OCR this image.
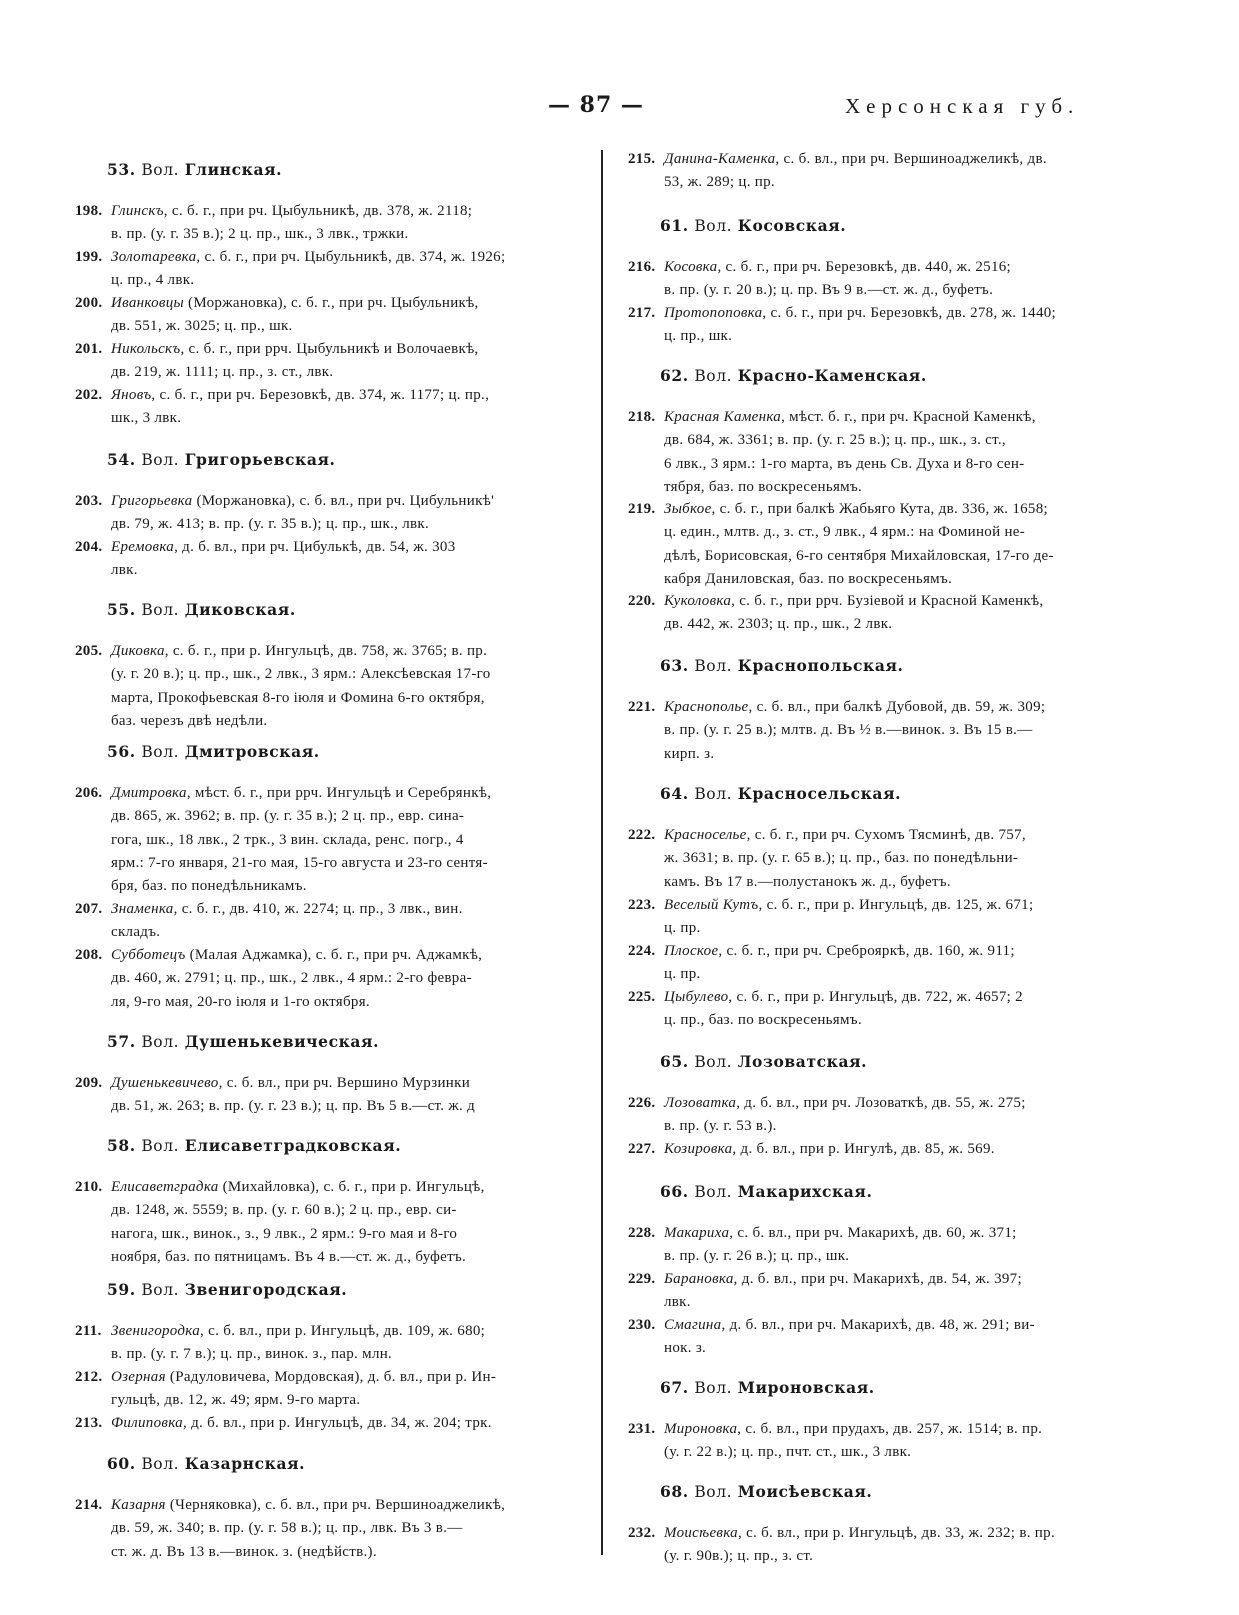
— 87 —	Херсонская губ.
53. Вол. Глинская.
198. Глинскъ, с. б. г., при рч. Цыбульникѣ, дв. 378, ж. 2118;
в. пр. (у. г. 35 в.); 2 ц. пр., шк., 3 лвк., тржки.
199. Золотаревка, с. б. г., при рч. Цыбульникѣ, дв. 374, ж. 1926;
ц. пр., 4 лвк.
200. Иванковцы (Моржановка), с. б. г., при рч. Цыбульникѣ,
дв. 551, ж. 3025; ц. пр., шк.
201. Никольскъ, с. б. г., при ррч. Цыбульникѣ и Волочаевкѣ,
дв. 219, ж. 1111; ц. пр., з. ст., лвк.
202. Яновъ, с. б. г., при рч. Березовкѣ, дв. 374, ж. 1177; ц. пр.,
шк., 3 лвк.
54. Вол. Григорьевская.
203. Григорьевка (Моржановка), с. б. вл., при рч. Цибульникѣ'
дв. 79, ж. 413; в. пр. (у. г. 35 в.); ц. пр., шк., лвк.
204. Еремовка, д. б. вл., при рч. Цибулькѣ, дв. 54, ж. 303
лвк.
55. Вол. Диковская.
205. Диковка, с. б. г., при р. Ингульцѣ, дв. 758, ж. 3765; в. пр.
(у. г. 20 в.); ц. пр., шк., 2 лвк., 3 ярм.: Алексѣевская 17-го
марта, Прокофьевская 8-го іюля и Фомина 6-го октября,
баз. черезъ двѣ недѣли.
56. Вол. Дмитровская.
206. Дмитровка, мѣст. б. г., при ррч. Ингульцѣ и Серебрянкѣ,
дв. 865, ж. 3962; в. пр. (у. г. 35 в.); 2 ц. пр., евр. сина-
гога, шк., 18 лвк., 2 трк., 3 вин. склада, ренс. погр., 4
ярм.: 7-го января, 21-го мая, 15-го августа и 23-го сентя-
бря, баз. по понедѣльникамъ.
207. Знаменка, с. б. г., дв. 410, ж. 2274; ц. пр., 3 лвк., вин.
складъ.
208. Субботецъ (Малая Аджамка), с. б. г., при рч. Аджамкѣ,
дв. 460, ж. 2791; ц. пр., шк., 2 лвк., 4 ярм.: 2-го февра-
ля, 9-го мая, 20-го іюля и 1-го октября.
57. Вол. Душенькевическая.
209. Душенькевичево, с. б. вл., при рч. Вершино Мурзинки
дв. 51, ж. 263; в. пр. (у. г. 23 в.); ц. пр. Въ 5 в.—ст. ж. д
58. Вол. Елисаветградковская.
210. Елисаветградка (Михайловка), с. б. г., при р. Ингульцѣ,
дв. 1248, ж. 5559; в. пр. (у. г. 60 в.); 2 ц. пр., евр. си-
нагога, шк., винок., з., 9 лвк., 2 ярм.: 9-го мая и 8-го
ноября, баз. по пятницамъ. Въ 4 в.—ст. ж. д., буфетъ.
59. Вол. Звенигородская.
211. Звенигородка, с. б. вл., при р. Ингульцѣ, дв. 109, ж. 680;
в. пр. (у. г. 7 в.); ц. пр., винок. з., пар. млн.
212. Озерная (Радуловичева, Мордовская), д. б. вл., при р. Ин-
гульцѣ, дв. 12, ж. 49; ярм. 9-го марта.
213. Филиповка, д. б. вл., при р. Ингульцѣ, дв. 34, ж. 204; трк.
60. Вол. Казарнская.
214. Казарня (Черняковка), с. б. вл., при рч. Вершиноаджеликѣ,
дв. 59, ж. 340; в. пр. (у. г. 58 в.); ц. пр., лвк. Въ 3 в.—
ст. ж. д. Въ 13 в.—винок. з. (недѣйств.).
215. Данина-Каменка, с. б. вл., при рч. Вершиноаджеликѣ, дв.
53, ж. 289; ц. пр.
61. Вол. Косовская.
216. Косовка, с. б. г., при рч. Березовкѣ, дв. 440, ж. 2516;
в. пр. (у. г. 20 в.); ц. пр. Въ 9 в.—ст. ж. д., буфетъ.
217. Протопоповка, с. б. г., при рч. Березовкѣ, дв. 278, ж. 1440;
ц. пр., шк.
62. Вол. Красно-Каменская.
218. Красная Каменка, мѣст. б. г., при рч. Красной Каменкѣ,
дв. 684, ж. 3361; в. пр. (у. г. 25 в.); ц. пр., шк., з. ст.,
6 лвк., 3 ярм.: 1-го марта, въ день Св. Духа и 8-го сен-
тября, баз. по воскресеньямъ.
219. Зыбкое, с. б. г., при балкѣ Жабьяго Кута, дв. 336, ж. 1658;
ц. един., млтв. д., з. ст., 9 лвк., 4 ярм.: на Фоминой не-
дѣлѣ, Борисовская, 6-го сентября Михайловская, 17-го де-
кабря Даниловская, баз. по воскресеньямъ.
220. Куколовка, с. б. г., при ррч. Бузіевой и Красной Каменкѣ,
дв. 442, ж. 2303; ц. пр., шк., 2 лвк.
63. Вол. Краснопольская.
221. Краснополье, с. б. вл., при балкѣ Дубовой, дв. 59, ж. 309;
в. пр. (у. г. 25 в.); млтв. д. Въ ½ в.—винок. з. Въ 15 в.—
кирп. з.
64. Вол. Красносельская.
222. Красноселье, с. б. г., при рч. Сухомъ Тясминѣ, дв. 757,
ж. 3631; в. пр. (у. г. 65 в.); ц. пр., баз. по понедѣльни-
камъ. Въ 17 в.—полустанокъ ж. д., буфетъ.
223. Веселый Кутъ, с. б. г., при р. Ингульцѣ, дв. 125, ж. 671;
ц. пр.
224. Плоское, с. б. г., при рч. Среброяркѣ, дв. 160, ж. 911;
ц. пр.
225. Цыбулево, с. б. г., при р. Ингульцѣ, дв. 722, ж. 4657; 2
ц. пр., баз. по воскресеньямъ.
65. Вол. Лозоватская.
226. Лозоватка, д. б. вл., при рч. Лозоваткѣ, дв. 55, ж. 275;
в. пр. (у. г. 53 в.).
227. Козировка, д. б. вл., при р. Ингулѣ, дв. 85, ж. 569.
66. Вол. Макарихская.
228. Макариха, с. б. вл., при рч. Макарихѣ, дв. 60, ж. 371;
в. пр. (у. г. 26 в.); ц. пр., шк.
229. Барановка, д. б. вл., при рч. Макарихѣ, дв. 54, ж. 397;
лвк.
230. Смагина, д. б. вл., при рч. Макарихѣ, дв. 48, ж. 291; ви-
нок. з.
67. Вол. Мироновская.
231. Мироновка, с. б. вл., при прудахъ, дв. 257, ж. 1514; в. пр.
(у. г. 22 в.); ц. пр., пчт. ст., шк., 3 лвк.
68. Вол. Моисѣевская.
232. Моисѣевка, с. б. вл., при р. Ингульцѣ, дв. 33, ж. 232; в. пр.
(у. г. 90в.); ц. пр., з. ст.
